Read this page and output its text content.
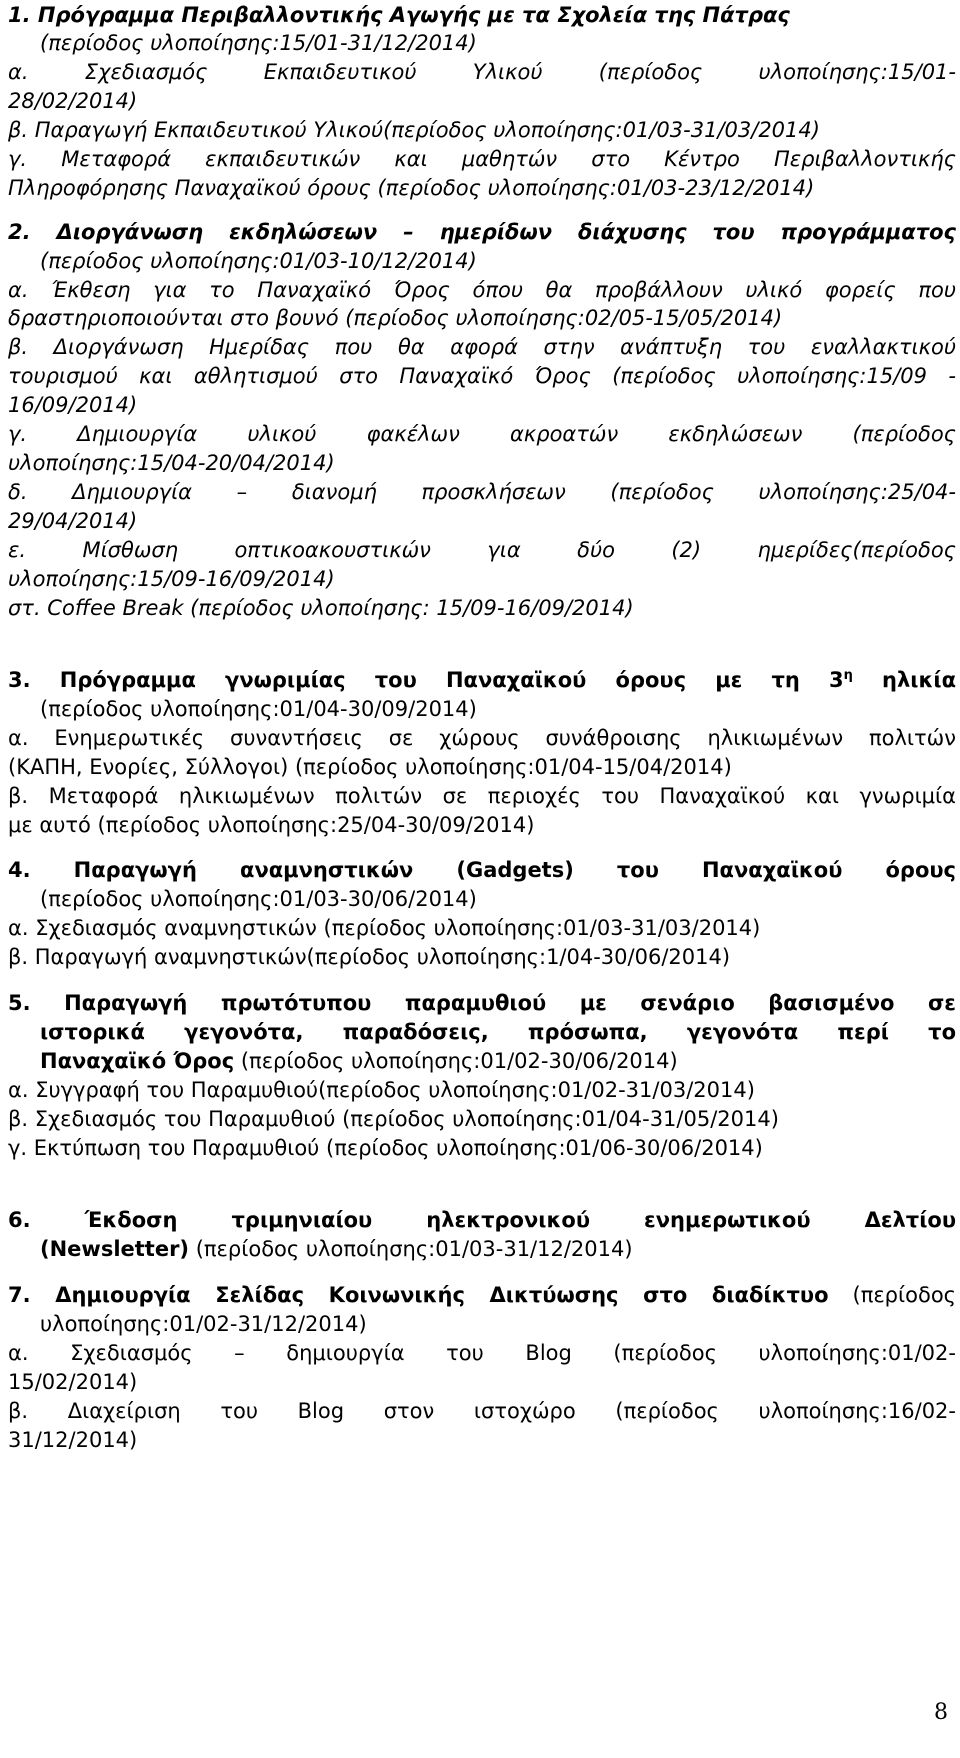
1. Πρόγραμμα Περιβαλλοντικής Αγωγής με τα Σχολεία της Πάτρας
(περίοδος υλοποίησης:15/01-31/12/2014)
α. Σχεδιασμός Εκπαιδευτικού Υλικού (περίοδος υλοποίησης:15/01-
28/02/2014)
β. Παραγωγή Εκπαιδευτικού Υλικού(περίοδος υλοποίησης:01/03-31/03/2014)
γ. Μεταφορά εκπαιδευτικών και μαθητών στο Κέντρο Περιβαλλοντικής
Πληροφόρησης Παναχαϊκού όρους (περίοδος υλοποίησης:01/03-23/12/2014)
2. Διοργάνωση εκδηλώσεων – ημερίδων διάχυσης του προγράμματος
(περίοδος υλοποίησης:01/03-10/12/2014)
α. Έκθεση για το Παναχαϊκό Όρος όπου θα προβάλλουν υλικό φορείς που
δραστηριοποιούνται στο βουνό (περίοδος υλοποίησης:02/05-15/05/2014)
β. Διοργάνωση Ημερίδας που θα αφορά στην ανάπτυξη του εναλλακτικού
τουρισμού και αθλητισμού στο Παναχαϊκό Όρος (περίοδος υλοποίησης:15/09 -
16/09/2014)
γ. Δημιουργία υλικού φακέλων ακροατών εκδηλώσεων (περίοδος
υλοποίησης:15/04-20/04/2014)
δ. Δημιουργία – διανομή προσκλήσεων (περίοδος υλοποίησης:25/04-
29/04/2014)
ε. Μίσθωση οπτικοακουστικών για δύο (2) ημερίδες(περίοδος
υλοποίησης:15/09-16/09/2014)
στ. Coffee Break (περίοδος υλοποίησης: 15/09-16/09/2014)
3. Πρόγραμμα γνωριμίας του Παναχαϊκού όρους με τη $3^\eta$ ηλικία
(περίοδος υλοποίησης:01/04-30/09/2014)
α. Ενημερωτικές συναντήσεις σε χώρους συνάθροισης ηλικιωμένων πολιτών
(ΚΑΠΗ, Ενορίες, Σύλλογοι) (περίοδος υλοποίησης:01/04-15/04/2014)
β. Μεταφορά ηλικιωμένων πολιτών σε περιοχές του Παναχαϊκού και γνωριμία
με αυτό (περίοδος υλοποίησης:25/04-30/09/2014)
4. Παραγωγή αναμνηστικών (Gadgets) του Παναχαϊκού όρους
(περίοδος υλοποίησης:01/03-30/06/2014)
α. Σχεδιασμός αναμνηστικών (περίοδος υλοποίησης:01/03-31/03/2014)
β. Παραγωγή αναμνηστικών(περίοδος υλοποίησης:1/04-30/06/2014)
5. Παραγωγή πρωτότυπου παραμυθιού με σενάριο βασισμένο σε
ιστορικά γεγονότα, παραδόσεις, πρόσωπα, γεγονότα περί το
Παναχαϊκό Όρος (περίοδος υλοποίησης:01/02-30/06/2014)
α. Συγγραφή του Παραμυθιού(περίοδος υλοποίησης:01/02-31/03/2014)
β. Σχεδιασμός του Παραμυθιού (περίοδος υλοποίησης:01/04-31/05/2014)
γ. Εκτύπωση του Παραμυθιού (περίοδος υλοποίησης:01/06-30/06/2014)
6. Έκδοση τριμηνιαίου ηλεκτρονικού ενημερωτικού Δελτίου
(Newsletter) (περίοδος υλοποίησης:01/03-31/12/2014)
7. Δημιουργία Σελίδας Κοινωνικής Δικτύωσης στο διαδίκτυο (περίοδος
υλοποίησης:01/02-31/12/2014)
α. Σχεδιασμός – δημιουργία του Blog (περίοδος υλοποίησης:01/02-
15/02/2014)
β. Διαχείριση του Blog στον ιστοχώρο (περίοδος υλοποίησης:16/02-
31/12/2014)
8
